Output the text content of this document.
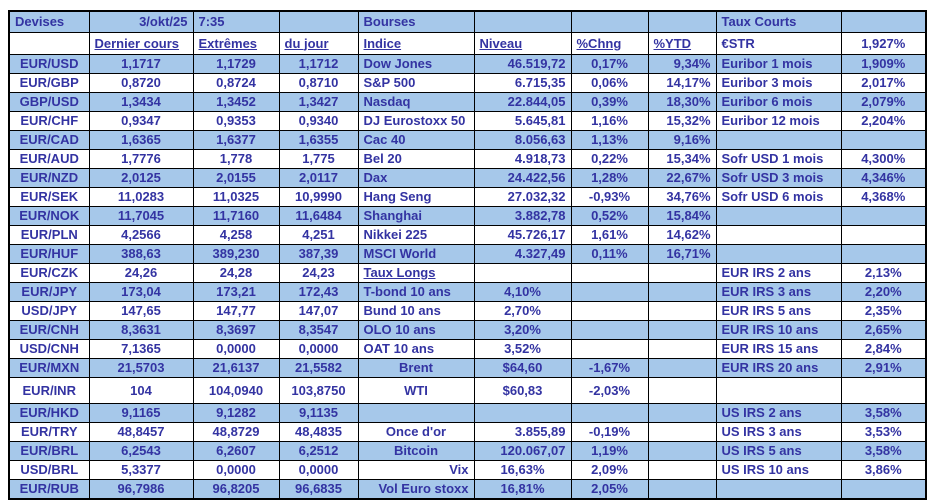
Devises	3/okt/25	7:35		Bourses				Taux Courts	
	Dernier cours	Extrêmes	du jour	Indice	Niveau	%Chng	%YTD	€STR	1,927%
EUR/USD	1,1717	1,1729	1,1712	Dow Jones	46.519,72	0,17%	9,34%	Euribor 1 mois	1,909%
EUR/GBP	0,8720	0,8724	0,8710	S&P 500	6.715,35	0,06%	14,17%	Euribor 3 mois	2,017%
GBP/USD	1,3434	1,3452	1,3427	Nasdaq	22.844,05	0,39%	18,30%	Euribor 6 mois	2,079%
EUR/CHF	0,9347	0,9353	0,9340	DJ Eurostoxx 50	5.645,81	1,16%	15,32%	Euribor 12 mois	2,204%
EUR/CAD	1,6365	1,6377	1,6355	Cac 40	8.056,63	1,13%	9,16%		
EUR/AUD	1,7776	1,778	1,775	Bel 20	4.918,73	0,22%	15,34%	Sofr USD 1 mois	4,300%
EUR/NZD	2,0125	2,0155	2,0117	Dax	24.422,56	1,28%	22,67%	Sofr USD 3 mois	4,346%
EUR/SEK	11,0283	11,0325	10,9990	Hang Seng	27.032,32	-0,93%	34,76%	Sofr USD 6 mois	4,368%
EUR/NOK	11,7045	11,7160	11,6484	Shanghai	3.882,78	0,52%	15,84%		
EUR/PLN	4,2566	4,258	4,251	Nikkei 225	45.726,17	1,61%	14,62%		
EUR/HUF	388,63	389,230	387,39	MSCI World	4.327,49	0,11%	16,71%		
EUR/CZK	24,26	24,28	24,23	Taux Longs				EUR IRS 2 ans	2,13%
EUR/JPY	173,04	173,21	172,43	T-bond 10 ans	4,10%			EUR IRS 3 ans	2,20%
USD/JPY	147,65	147,77	147,07	Bund 10 ans	2,70%			EUR IRS 5 ans	2,35%
EUR/CNH	8,3631	8,3697	8,3547	OLO 10 ans	3,20%			EUR IRS 10 ans	2,65%
USD/CNH	7,1365	0,0000	0,0000	OAT 10 ans	3,52%			EUR IRS 15 ans	2,84%
EUR/MXN	21,5703	21,6137	21,5582	Brent	$64,60	-1,67%		EUR IRS 20 ans	2,91%
EUR/INR	104	104,0940	103,8750	WTI	$60,83	-2,03%			
EUR/HKD	9,1165	9,1282	9,1135					US IRS 2 ans	3,58%
EUR/TRY	48,8457	48,8729	48,4835	Once d'or	3.855,89	-0,19%		US IRS 3 ans	3,53%
EUR/BRL	6,2543	6,2607	6,2512	Bitcoin	120.067,07	1,19%		US IRS 5 ans	3,58%
USD/BRL	5,3377	0,0000	0,0000	Vix	16,63%	2,09%		US IRS 10 ans	3,86%
EUR/RUB	96,7986	96,8205	96,6835	Vol Euro stoxx	16,81%	2,05%			
